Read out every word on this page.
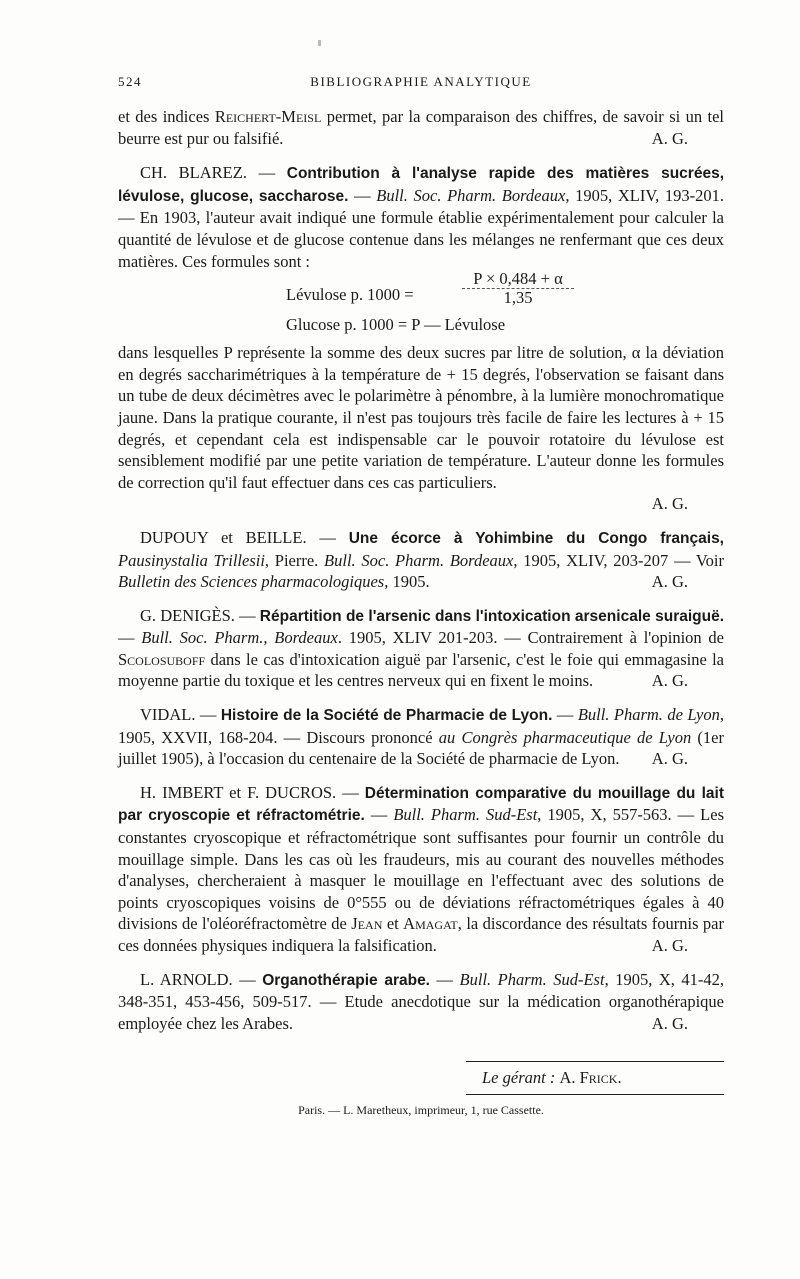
524	BIBLIOGRAPHIE ANALYTIQUE

et des indices Reichert-Meisl permet, par la comparaison des chiffres, de savoir si un tel beurre est pur ou falsifié.	A. G.

CH. BLAREZ. — Contribution à l'analyse rapide des matières sucrées, lévulose, glucose, saccharose. — Bull. Soc. Pharm. Bordeaux, 1905, XLIV, 193-201. — En 1903, l'auteur avait indiqué une formule établie expérimentalement pour calculer la quantité de lévulose et de glucose contenue dans les mélanges ne renfermant que ces deux matières. Ces formules sont :

Lévulose p. 1000 =	$\frac{P \times 0,484 + \alpha}{1,35}$
Glucose p. 1000 = P — Lévulose

dans lesquelles P représente la somme des deux sucres par litre de solution, α la déviation en degrés saccharimétriques à la température de + 15 degrés, l'observation se faisant dans un tube de deux décimètres avec le polarimètre à pénombre, à la lumière monochromatique jaune. Dans la pratique courante, il n'est pas toujours très facile de faire les lectures à + 15 degrés, et cependant cela est indispensable car le pouvoir rotatoire du lévulose est sensiblement modifié par une petite variation de température. L'auteur donne les formules de correction qu'il faut effectuer dans ces cas particuliers.

A. G.

DUPOUY et BEILLE. — Une écorce à Yohimbine du Congo français, Pausinystalia Trillesii, Pierre. Bull. Soc. Pharm. Bordeaux, 1905, XLIV, 203-207 — Voir Bulletin des Sciences pharmacologiques, 1905.	A. G.

G. DENIGÈS. — Répartition de l'arsenic dans l'intoxication arsenicale suraiguë. — Bull. Soc. Pharm., Bordeaux. 1905, XLIV 201-203. — Contrairement à l'opinion de Scolosuboff dans le cas d'intoxication aiguë par l'arsenic, c'est le foie qui emmagasine la moyenne partie du toxique et les centres nerveux qui en fixent le moins.	A. G.

VIDAL. — Histoire de la Société de Pharmacie de Lyon. — Bull. Pharm. de Lyon, 1905, XXVII, 168-204. — Discours prononcé au Congrès pharmaceutique de Lyon (1er juillet 1905), à l'occasion du centenaire de la Société de pharmacie de Lyon.	A. G.

H. IMBERT et F. DUCROS. — Détermination comparative du mouillage du lait par cryoscopie et réfractométrie. — Bull. Pharm. Sud-Est, 1905, X, 557-563. — Les constantes cryoscopique et réfractométrique sont suffisantes pour fournir un contrôle du mouillage simple. Dans les cas où les fraudeurs, mis au courant des nouvelles méthodes d'analyses, chercheraient à masquer le mouillage en l'effectuant avec des solutions de points cryoscopiques voisins de 0°555 ou de déviations réfractométriques égales à 40 divisions de l'oléoréfractomètre de Jean et Amagat, la discordance des résultats fournis par ces données physiques indiquera la falsification.	A. G.

L. ARNOLD. — Organothérapie arabe. — Bull. Pharm. Sud-Est, 1905, X, 41-42, 348-351, 453-456, 509-517. — Etude anecdotique sur la médication organothérapique employée chez les Arabes.	A. G.

Le gérant : A. Frick.
Paris. — L. Maretheux, imprimeur, 1, rue Cassette.
